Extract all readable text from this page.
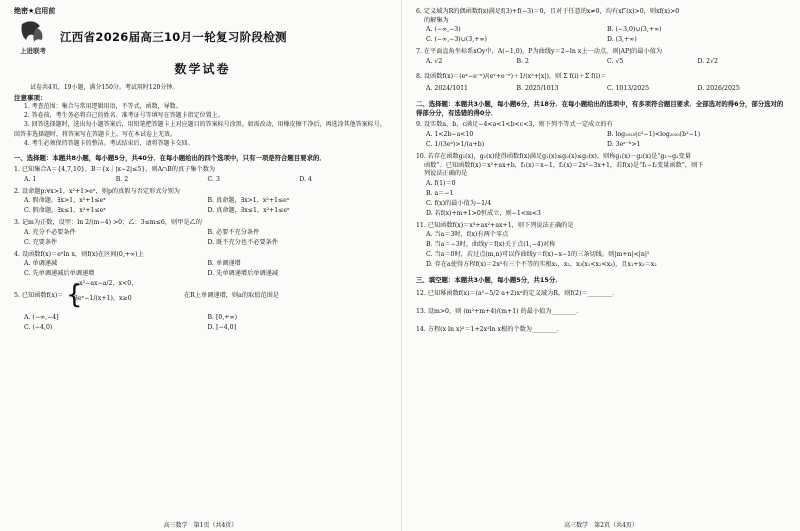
绝密★启用前
上进联考
江西省2026届高三10月一轮复习阶段检测
数学试卷
试卷共4页，19小题，满分150分。考试用时120分钟。
注意事项：
1. 考查范围：集合与常用逻辑用语，不等式，函数，导数。
2. 答卷前，考生务必将自己的姓名、准考证号等填写在答题卡指定位置上。
3. 回答选择题时，选出每小题答案后，用铅笔把答题卡上对应题目的答案标号涂黑。如需改动，用橡皮擦干净后，再选涂其他答案标号。回答非选择题时，将答案写在答题卡上。写在本试卷上无效。
4. 考生必须保持答题卡的整洁。考试结束后，请将答题卡交回。
一、选择题：本题共8小题，每小题5分，共40分．在每小题给出的四个选项中，只有一项是符合题目要求的．
1. 已知集合A＝{4,7,10}，B＝{x｜|x−2|≤5}，则A∩B的真子集个数为
A. 1	B. 2	C. 3	D. 4
2. 设命题p:∀x>1，x²+1>eˣ，则p的真假与否定形式分别为
A. 假命题，∃x>1，x²+1≤eˣ	B. 真命题，∃x>1，x²+1≤eˣ
C. 假命题，∃x≤1，x²+1≤eˣ	D. 真命题，∃x≤1，x²+1≤eˣ
3. 记m为正数，设甲：ln 2/(m−4) >0；乙：3≤m≤6，则甲是乙的
A. 充分不必要条件	B. 必要不充分条件
C. 充要条件	D. 既不充分也不必要条件
4. 设函数f(x)＝eˣln x，则f(x)在区间(0,+∞)上
A. 单调递减	B. 单调递增
C. 先单调递减后单调递增	D. 先单调递增后单调递减
5. 已知函数f(x)＝ {
−x²−ax−a/2，x<0，
3eˣ−1/(x+1)，x≥0	在R上单调递增，则a的取值范围是
A. (−∞,−4]	B. [0,+∞)
C. (−4,0)	D. [−4,0]
高三数学　第1页（共4页）
6. 定义域为R的偶函数f(x)满足f(3)+f(−3)＝0，且对于任意的x≠0，均有xf″(x)>0，则xf(x)>0
的解集为
A. (−∞,−3)	B. (−3,0)∪(3,+∞)
C. (−∞,−3)∪(3,+∞)	D. (3,+∞)
7. 在平面直角坐标系xOy中，A(−1,0)，P为曲线y＝2−ln x上一动点，则|AP|的最小值为
A. √2	B. 2	C. √5	D. 2√2
8. 设函数f(x)＝(eˣ−e⁻ˣ)/(eˣ+e⁻ˣ)＋1/(x²+|x|)，则 Σ f(i)＋Σ f(i)＝
A. 2024/1011	B. 2025/1013	C. 1013/2025	D. 2026/2025
二、选择题：本题共3小题，每小题6分，共18分．在每小题给出的选项中，有多项符合题目要求．全部选对的得6分，部分选对的得部分分，有选错的得0分．
9. 设实数a，b，c满足−4<a<1<b<c<3，则下列不等式一定成立的有
A. 1<2b−a<10	B. log₂₀₂₅(c²−1)<log₂₀₂₅(b²−1)
C. 1/(3eᵃ)>1/(a+b)	D. 3eᵃ⁻ᵇ>1
10. 若存在函数g₁(x)，g₂(x)使得函数f(x)满足g₁(x)≤g₀(x)≤g₂(x)，则称g₁(x)－g₂(x)是“g₁−g₂变量
函数”．已知函数f(x)＝x²+ax+b，f₁(x)＝x−1，f₂(x)＝2x²−3x+1，若f(x)是“f₁−f₂变量函数”，则下
列说法正确的是
A. f(1)＝0
B. a＝−1
C. f(x)的最小值为−1/4
D. 若f(x)+m+1>0恒成立，则−1<m<3
11. 已知函数f(x)＝x³+ax²+ax+1，则下列说法正确的是
A. 当a＝3时，f(x)有两个零点
B. 当a＝−3时，曲线y＝f(x)关于点(1,−4)对称
C. 当a＝0时，若过点(m,n)可以作曲线y＝f(x)−x−1的三条切线，则|m+n|<|n|²
D. 存在a使得方程f(x)＝2x²有三个不等的实根x₁，x₂，x₃(x₁<x₂<x₃)，且x₁+x₃＝x₂
三、填空题：本题共3小题，每小题5分，共15分．
12. 已知幂函数f(x)＝(a²−5/2 a+2)xᵃ的定义域为R，则f(2)＝________．
13. 设m>0，则 (m²+m+4)/(m+1) 的最小值为________．
14. 方程(x ln x)²＝1+2x²ln x根的个数为________．
高三数学　第2页（共4页）
